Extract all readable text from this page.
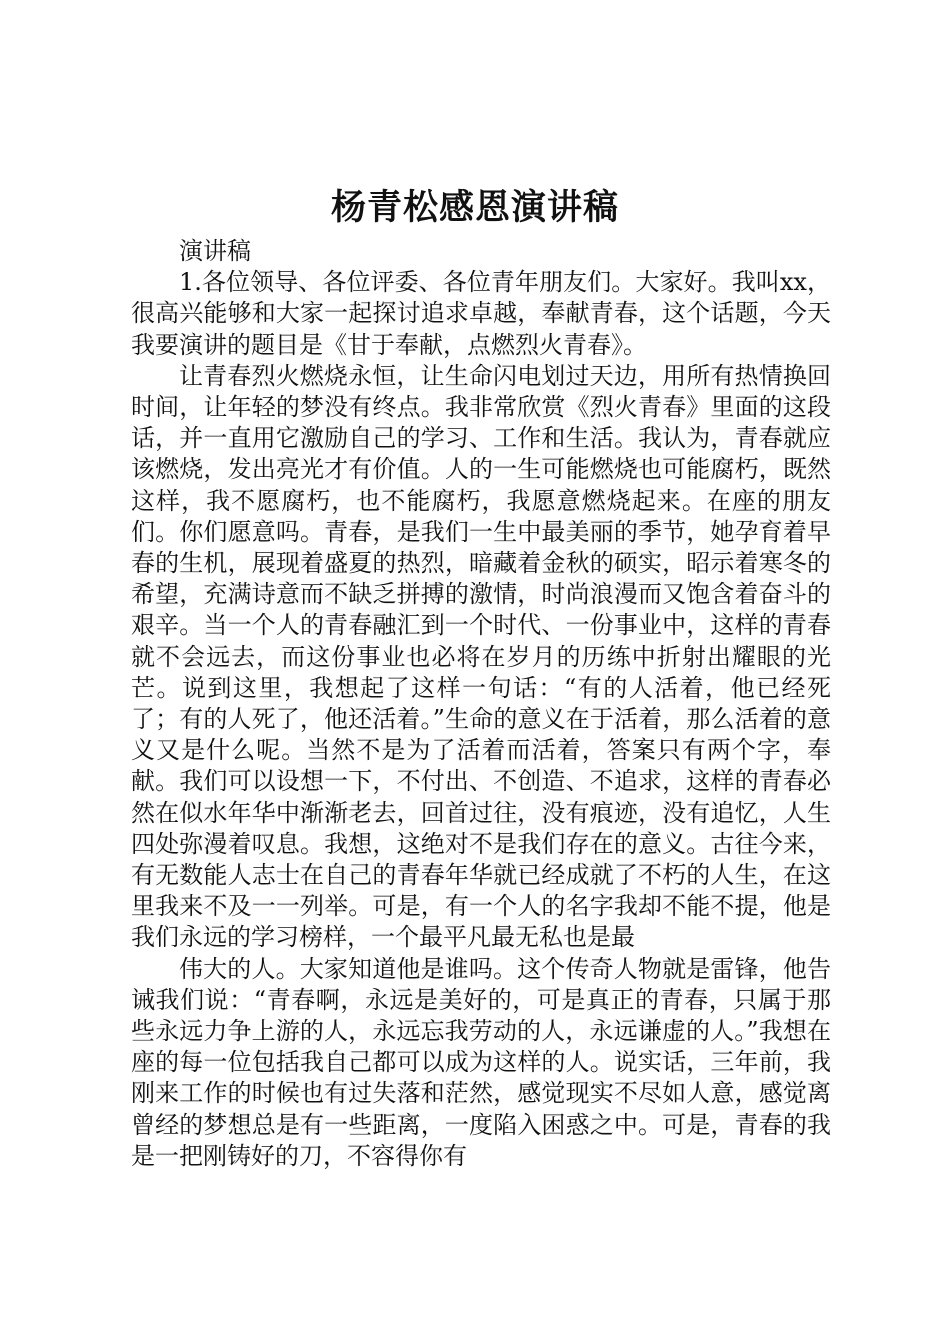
杨青松感恩演讲稿

演讲稿

1.各位领导、各位评委、各位青年朋友们。大家好。我叫xx，很高兴能够和大家一起探讨追求卓越，奉献青春，这个话题，今天我要演讲的题目是《甘于奉献，点燃烈火青春》。

让青春烈火燃烧永恒，让生命闪电划过天边，用所有热情换回时间，让年轻的梦没有终点。我非常欣赏《烈火青春》里面的这段话，并一直用它激励自己的学习、工作和生活。我认为，青春就应该燃烧，发出亮光才有价值。人的一生可能燃烧也可能腐朽，既然这样，我不愿腐朽，也不能腐朽，我愿意燃烧起来。在座的朋友们。你们愿意吗。青春，是我们一生中最美丽的季节，她孕育着早春的生机，展现着盛夏的热烈，暗藏着金秋的硕实，昭示着寒冬的希望，充满诗意而不缺乏拼搏的激情，时尚浪漫而又饱含着奋斗的艰辛。当一个人的青春融汇到一个时代、一份事业中，这样的青春就不会远去，而这份事业也必将在岁月的历练中折射出耀眼的光芒。说到这里，我想起了这样一句话：“有的人活着，他已经死了；有的人死了，他还活着。”生命的意义在于活着，那么活着的意义又是什么呢。当然不是为了活着而活着，答案只有两个字，奉献。我们可以设想一下，不付出、不创造、不追求，这样的青春必然在似水年华中渐渐老去，回首过往，没有痕迹，没有追忆，人生四处弥漫着叹息。我想，这绝对不是我们存在的意义。古往今来，有无数能人志士在自己的青春年华就已经成就了不朽的人生，在这里我来不及一一列举。可是，有一个人的名字我却不能不提，他是我们永远的学习榜样，一个最平凡最无私也是最

伟大的人。大家知道他是谁吗。这个传奇人物就是雷锋，他告诫我们说：“青春啊，永远是美好的，可是真正的青春，只属于那些永远力争上游的人，永远忘我劳动的人，永远谦虚的人。”我想在座的每一位包括我自己都可以成为这样的人。说实话，三年前，我刚来工作的时候也有过失落和茫然，感觉现实不尽如人意，感觉离曾经的梦想总是有一些距离，一度陷入困惑之中。可是，青春的我是一把刚铸好的刀，不容得你有
